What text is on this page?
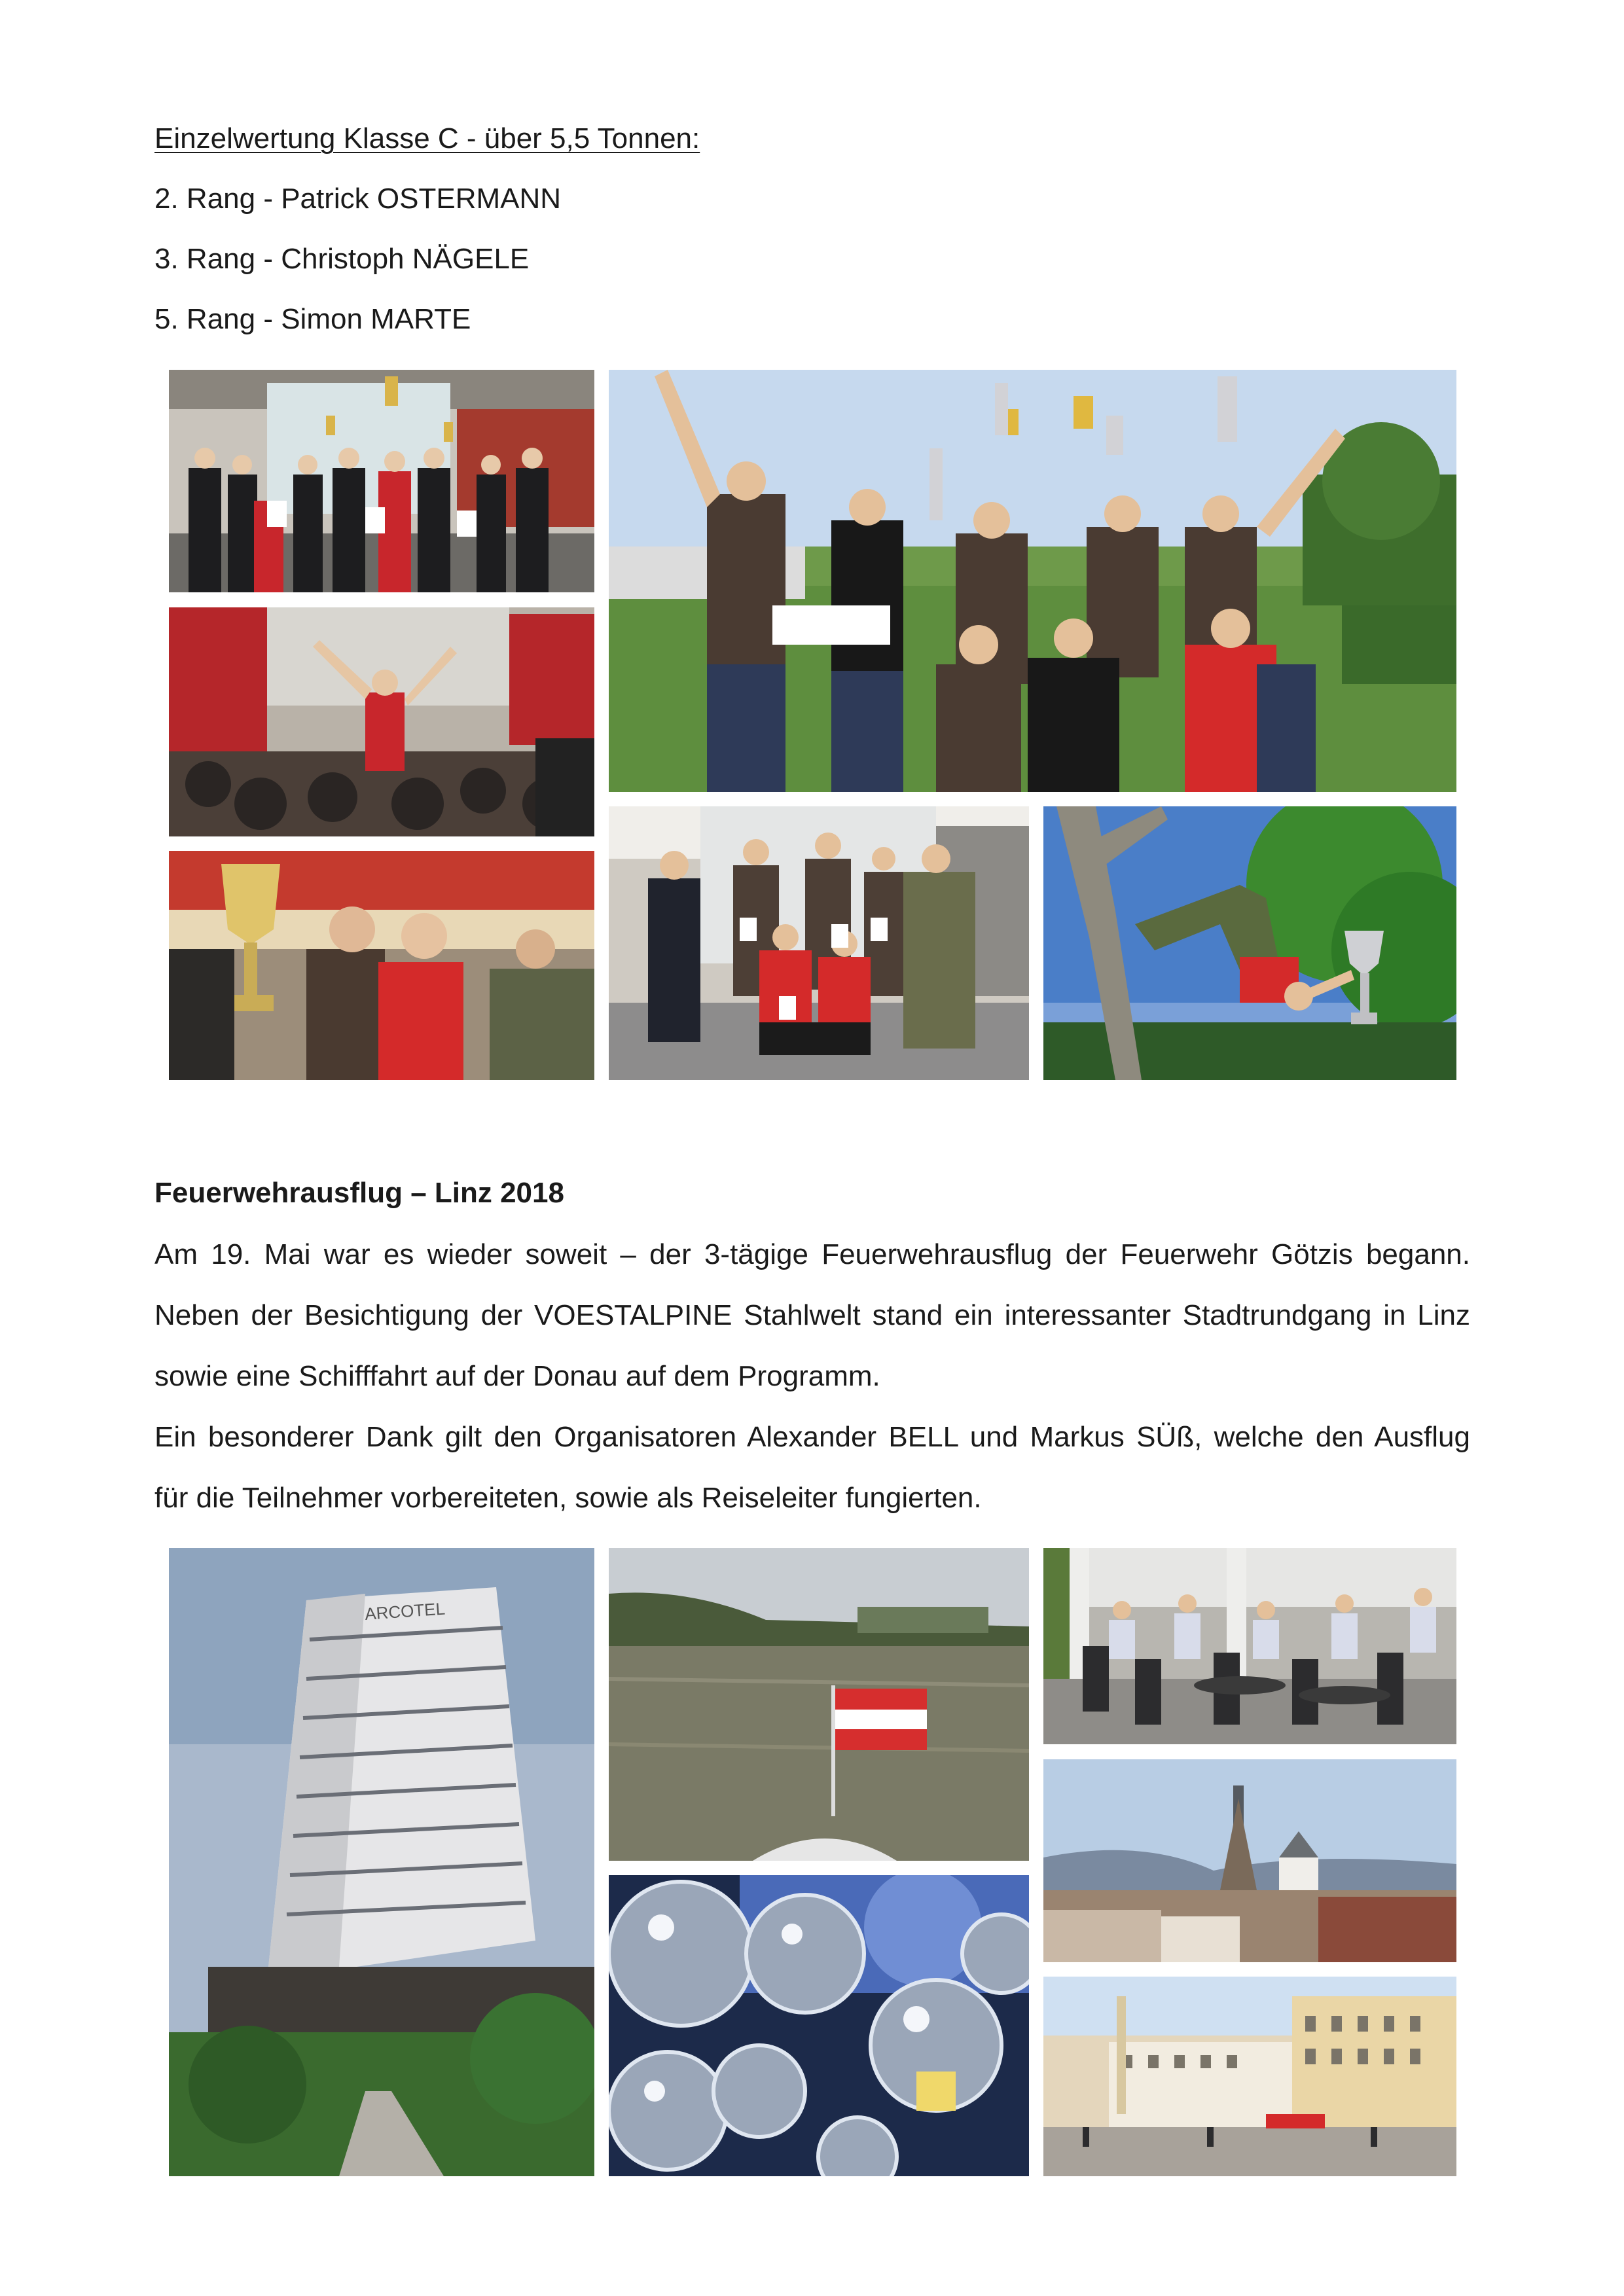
Einzelwertung Klasse C - über 5,5 Tonnen:
2. Rang - Patrick OSTERMANN
3. Rang - Christoph NÄGELE
5. Rang - Simon MARTE
Feuerwehrausflug – Linz 2018
Am 19. Mai war es wieder soweit – der 3-tägige Feuerwehrausflug der Feuerwehr Götzis begann.
Neben der Besichtigung der VOESTALPINE Stahlwelt stand ein interessanter Stadtrundgang in Linz
sowie eine Schifffahrt auf der Donau auf dem Programm.
Ein besonderer Dank gilt den Organisatoren Alexander BELL und Markus SÜß, welche den Ausflug
für die Teilnehmer vorbereiteten, sowie als Reiseleiter fungierten.
ARCOTEL
